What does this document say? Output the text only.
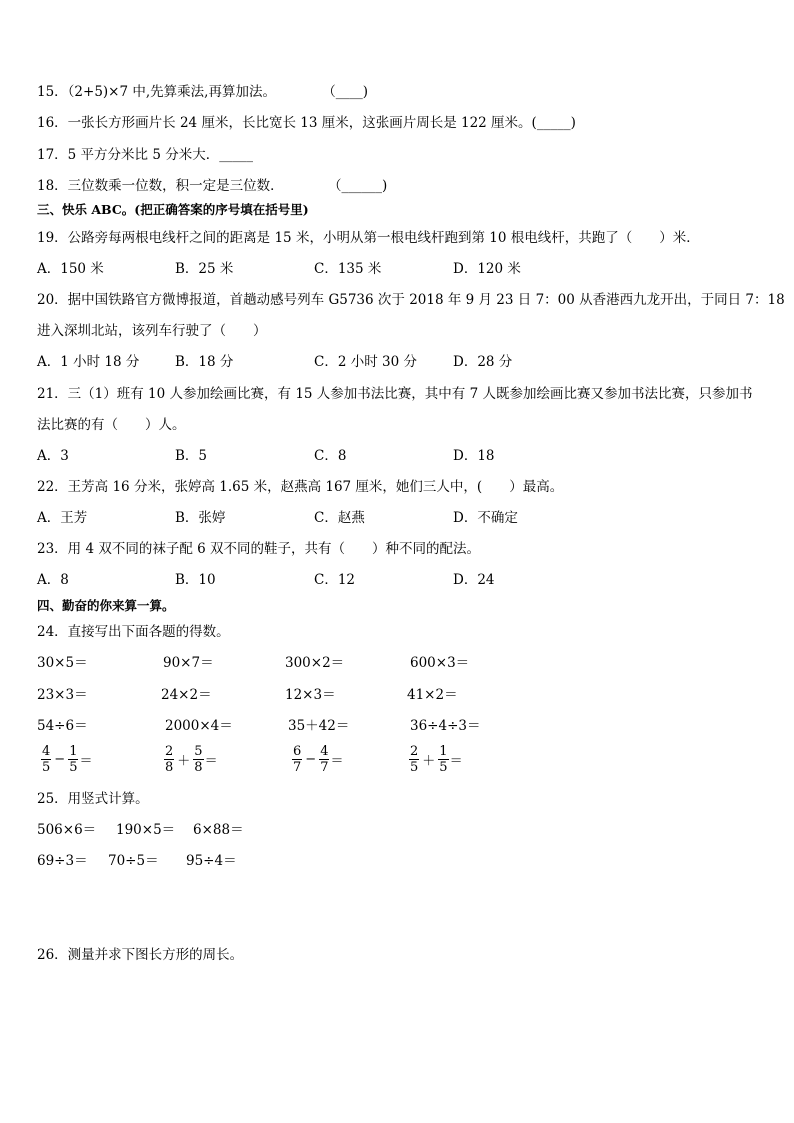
15．（2+5)×7 中,先算乘法,再算加法。	（____)
16．一张长方形画片长 24 厘米，长比宽长 13 厘米，这张画片周长是 122 厘米。(_____)
17．5 平方分米比 5 分米大．_____
18．三位数乘一位数，积一定是三位数．	（______)
三、快乐 ABC。(把正确答案的序号填在括号里)
19．公路旁每两根电线杆之间的距离是 15 米，小明从第一根电线杆跑到第 10 根电线杆，共跑了（　　）米．
A．150 米	B．25 米	C．135 米	D．120 米
20．据中国铁路官方微博报道，首趟动感号列车 G5736 次于 2018 年 9 月 23 日 7：00 从香港西九龙开出，于同日 7：18
进入深圳北站，该列车行驶了（　　）
A．1 小时 18 分	B．18 分	C．2 小时 30 分	D．28 分
21．三（1）班有 10 人参加绘画比赛，有 15 人参加书法比赛，其中有 7 人既参加绘画比赛又参加书法比赛，只参加书
法比赛的有（　　）人。
A．3	B．5	C．8	D．18
22．王芳高 16 分米，张婷高 1.65 米，赵燕高 167 厘米，她们三人中，(　　）最高。
A．王芳	B．张婷	C．赵燕	D．不确定
23．用 4 双不同的袜子配 6 双不同的鞋子，共有（　　）种不同的配法。
A．8	B．10	C．12	D．24
四、勤奋的你来算一算。
24．直接写出下面各题的得数。
30×5＝	90×7＝	300×2＝	600×3＝
23×3＝	24×2＝	12×3＝	41×2＝
54÷6＝	2000×4＝	35＋42＝	36÷4÷3＝
$\frac{4}{5} - \frac{1}{5}$ ＝	$\frac{2}{8} + \frac{5}{8}$ ＝	$\frac{6}{7} - \frac{4}{7}$ ＝	$\frac{2}{5} + \frac{1}{5}$ ＝
25．用竖式计算。
506×6＝ 190×5＝ 6×88＝
69÷3＝ 70÷5＝ 95÷4＝
26．测量并求下图长方形的周长。
